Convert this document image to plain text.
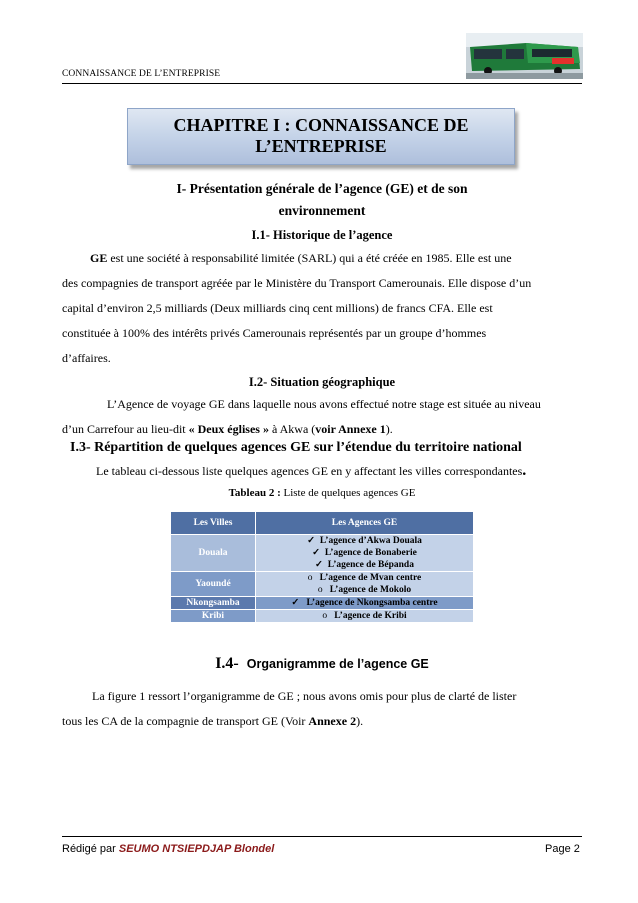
CONNAISSANCE DE L’ENTREPRISE
CHAPITRE I : CONNAISSANCE DE
L’ENTREPRISE
I- Présentation générale de l’agence (GE) et de son
environnement
I.1- Historique de l’agence
GE est une société à responsabilité limitée (SARL) qui a été créée en 1985. Elle est une
des compagnies de transport agréée par le Ministère du Transport Camerounais. Elle dispose d’un
capital d’environ 2,5 milliards (Deux milliards cinq cent millions) de francs CFA. Elle est
constituée à 100% des intérêts privés Camerounais représentés par un groupe d’hommes
d’affaires.
I.2- Situation géographique
L’Agence de voyage GE dans laquelle nous avons effectué notre stage est située au niveau
d’un Carrefour au lieu-dit « Deux églises » à Akwa (voir Annexe 1).
I.3- Répartition de quelques agences GE sur l’étendue du territoire national
Le tableau ci-dessous liste quelques agences GE en y affectant les villes correspondantes.
Tableau 2 : Liste de quelques agences GE
Les Villes	Les Agences GE
Douala	✓ L’agence d’Akwa Douala
✓ L’agence de Bonaberie
✓ L’agence de Bépanda

Yaoundé	o L’agence de Mvan centre
o L’agence de Mokolo

Nkongsamba	✓ L’agence de Nkongsamba centre

Kribi	o L’agence de Kribi
I.4- Organigramme de l’agence GE
La figure 1 ressort l’organigramme de GE ; nous avons omis pour plus de clarté de lister
tous les CA de la compagnie de transport GE (Voir Annexe 2).
Rédigé par SEUMO NTSIEPDJAP Blondel	Page 2
